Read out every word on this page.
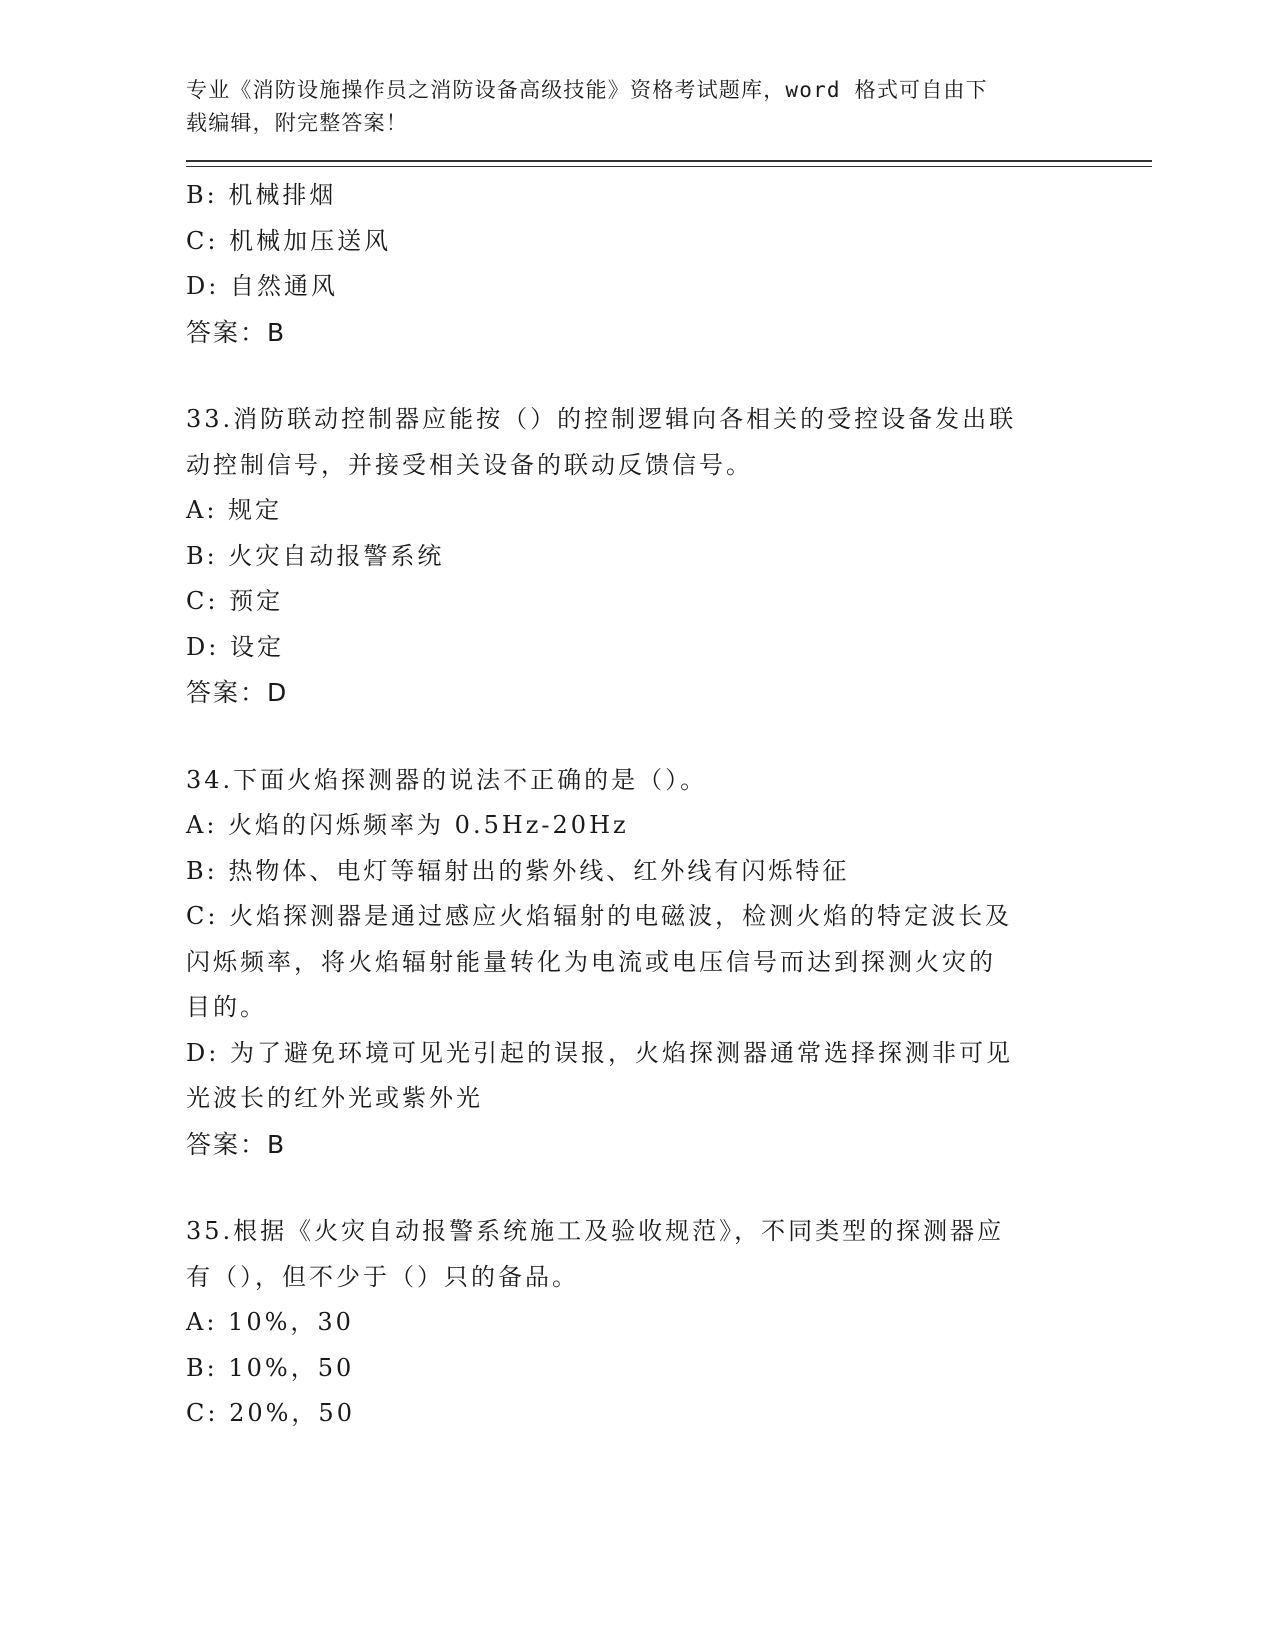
专业《消防设施操作员之消防设备高级技能》资格考试题库，word 格式可自由下
载编辑，附完整答案！
B: 机械排烟
C: 机械加压送风
D: 自然通风
答案：B
33.消防联动控制器应能按（）的控制逻辑向各相关的受控设备发出联
动控制信号，并接受相关设备的联动反馈信号。
A: 规定
B: 火灾自动报警系统
C: 预定
D: 设定
答案：D
34.下面火焰探测器的说法不正确的是（）。
A: 火焰的闪烁频率为 0.5Hz-20Hz
B: 热物体、电灯等辐射出的紫外线、红外线有闪烁特征
C: 火焰探测器是通过感应火焰辐射的电磁波，检测火焰的特定波长及
闪烁频率，将火焰辐射能量转化为电流或电压信号而达到探测火灾的
目的。
D: 为了避免环境可见光引起的误报，火焰探测器通常选择探测非可见
光波长的红外光或紫外光
答案：B
35.根据《火灾自动报警系统施工及验收规范》，不同类型的探测器应
有（），但不少于（）只的备品。
A: 10%，30
B: 10%，50
C: 20%，50
